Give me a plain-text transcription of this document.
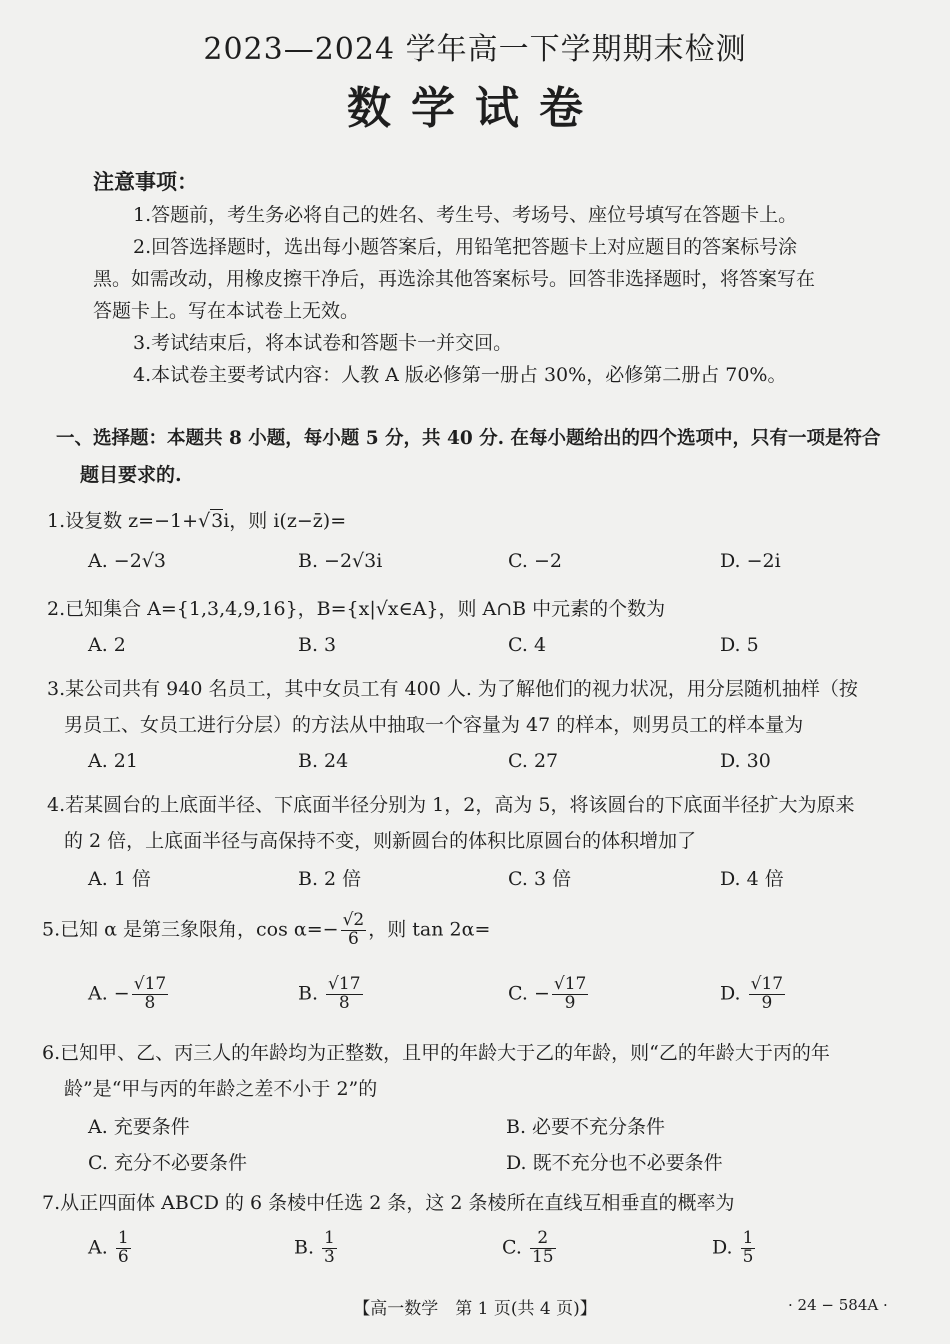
2023—2024 学年高一下学期期末检测
数学试卷
注意事项：
1.答题前，考生务必将自己的姓名、考生号、考场号、座位号填写在答题卡上。
2.回答选择题时，选出每小题答案后，用铅笔把答题卡上对应题目的答案标号涂
黑。如需改动，用橡皮擦干净后，再选涂其他答案标号。回答非选择题时，将答案写在
答题卡上。写在本试卷上无效。
3.考试结束后，将本试卷和答题卡一并交回。
4.本试卷主要考试内容：人教 A 版必修第一册占 30%，必修第二册占 70%。
一、选择题：本题共 8 小题，每小题 5 分，共 40 分. 在每小题给出的四个选项中，只有一项是符合
题目要求的.
1.设复数 z=−1+√3i，则 i(z−z̄)=
A. −2√3	B. −2√3i	C. −2	D. −2i
2.已知集合 A={1,3,4,9,16}，B={x|√x∈A}，则 A∩B 中元素的个数为
A. 2	B. 3	C. 4	D. 5
3.某公司共有 940 名员工，其中女员工有 400 人. 为了解他们的视力状况，用分层随机抽样（按
男员工、女员工进行分层）的方法从中抽取一个容量为 47 的样本，则男员工的样本量为
A. 21	B. 24	C. 27	D. 30
4.若某圆台的上底面半径、下底面半径分别为 1，2，高为 5，将该圆台的下底面半径扩大为原来
的 2 倍，上底面半径与高保持不变，则新圆台的体积比原圆台的体积增加了
A. 1 倍	B. 2 倍	C. 3 倍	D. 4 倍
5.已知 α 是第三象限角，$\cos \alpha=- \frac{√2}{6}$ ，则 tan 2α=
A. − $\frac{√17}{8}$	B. $\frac{√17}{8}$	C. − $\frac{√17}{9}$	D. $\frac{√17}{9}$
6.已知甲、乙、丙三人的年龄均为正整数，且甲的年龄大于乙的年龄，则“乙的年龄大于丙的年
龄”是“甲与丙的年龄之差不小于 2”的
A. 充要条件	B. 必要不充分条件
C. 充分不必要条件	D. 既不充分也不必要条件
7.从正四面体 ABCD 的 6 条棱中任选 2 条，这 2 条棱所在直线互相垂直的概率为
A. $\frac{1}{6}$	B. $\frac{1}{3}$	C. $\frac{2}{15}$	D. $\frac{1}{5}$
【高一数学　第 1 页(共 4 页)】	· 24 − 584A ·
